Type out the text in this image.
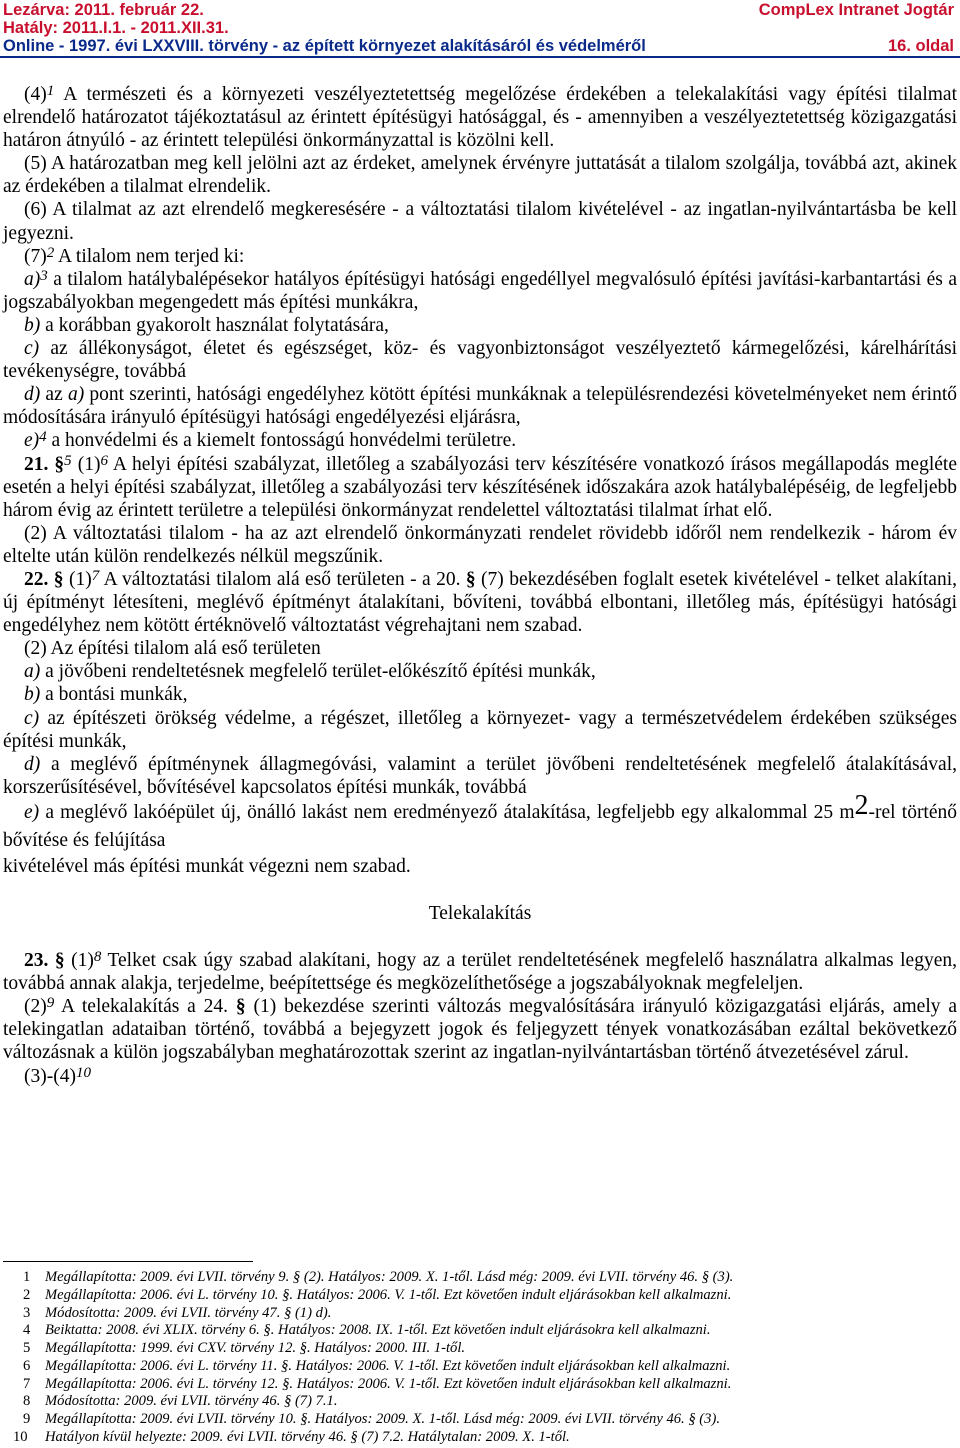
Lezárva: 2011. február 22.
Hatály: 2011.I.1. - 2011.XII.31.
Online - 1997. évi LXXVIII. törvény - az épített környezet alakításáról és védelméről
CompLex Intranet Jogtár
16. oldal

$(4)^1$ A természeti és a környezeti veszélyeztetettség megelőzése érdekében a telekalakítási vagy építési tilalmat elrendelő határozatot tájékoztatásul az érintett építésügyi hatósággal, és - amennyiben a veszélyeztetettség közigazgatási határon átnyúló - az érintett települési önkormányzattal is közölni kell.

(5) A határozatban meg kell jelölni azt az érdeket, amelynek érvényre juttatását a tilalom szolgálja, továbbá azt, akinek az érdekében a tilalmat elrendelik.

(6) A tilalmat az azt elrendelő megkeresésére - a változtatási tilalom kivételével - az ingatlan-nyilvántartásba be kell jegyezni.

$(7)^2$ A tilalom nem terjed ki:

a)$^3$ a tilalom hatálybalépésekor hatályos építésügyi hatósági engedéllyel megvalósuló építési javítási-karbantartási és a jogszabályokban megengedett más építési munkákra,

b) a korábban gyakorolt használat folytatására,

c) az állékonyságot, életet és egészséget, köz- és vagyonbiztonságot veszélyeztető kármegelőzési, kárelhárítási tevékenységre, továbbá

d) az a) pont szerinti, hatósági engedélyhez kötött építési munkáknak a településrendezési követelményeket nem érintő módosítására irányuló építésügyi hatósági engedélyezési eljárásra,

e)$^4$ a honvédelmi és a kiemelt fontosságú honvédelmi területre.

21. §$^5$ $(1)^6$ A helyi építési szabályzat, illetőleg a szabályozási terv készítésére vonatkozó írásos megállapodás megléte esetén a helyi építési szabályzat, illetőleg a szabályozási terv készítésének időszakára azok hatálybalépéséig, de legfeljebb három évig az érintett területre a települési önkormányzat rendelettel változtatási tilalmat írhat elő.

(2) A változtatási tilalom - ha az azt elrendelő önkormányzati rendelet rövidebb időről nem rendelkezik - három év eltelte után külön rendelkezés nélkül megszűnik.

22. § $(1)^7$ A változtatási tilalom alá eső területen - a 20. § (7) bekezdésében foglalt esetek kivételével - telket alakítani, új építményt létesíteni, meglévő építményt átalakítani, bővíteni, továbbá elbontani, illetőleg más, építésügyi hatósági engedélyhez nem kötött értéknövelő változtatást végrehajtani nem szabad.

(2) Az építési tilalom alá eső területen

a) a jövőbeni rendeltetésnek megfelelő terület-előkészítő építési munkák,

b) a bontási munkák,

c) az építészeti örökség védelme, a régészet, illetőleg a környezet- vagy a természetvédelem érdekében szükséges építési munkák,

d) a meglévő építménynek állagmegóvási, valamint a terület jövőbeni rendeltetésének megfelelő átalakításával, korszerűsítésével, bővítésével kapcsolatos építési munkák, továbbá

e) a meglévő lakóépület új, önálló lakást nem eredményező átalakítása, legfeljebb egy alkalommal 25 m2-rel történő bővítése és felújítása

kivételével más építési munkát végezni nem szabad.

Telekalakítás

23. § $(1)^8$ Telket csak úgy szabad alakítani, hogy az a terület rendeltetésének megfelelő használatra alkalmas legyen, továbbá annak alakja, terjedelme, beépítettsége és megközelíthetősége a jogszabályoknak megfeleljen.

$(2)^9$ A telekalakítás a 24. § (1) bekezdése szerinti változás megvalósítására irányuló közigazgatási eljárás, amely a telekingatlan adataiban történő, továbbá a bejegyzett jogok és feljegyzett tények vonatkozásában ezáltal bekövetkező változásnak a külön jogszabályban meghatározottak szerint az ingatlan-nyilvántartásban történő átvezetésével zárul.

$(3)-(4)^{10}$

1	Megállapította: 2009. évi LVII. törvény 9. § (2). Hatályos: 2009. X. 1-től. Lásd még: 2009. évi LVII. törvény 46. § (3).
2	Megállapította: 2006. évi L. törvény 10. §. Hatályos: 2006. V. 1-től. Ezt követően indult eljárásokban kell alkalmazni.
3	Módosította: 2009. évi LVII. törvény 47. § (1) d).
4	Beiktatta: 2008. évi XLIX. törvény 6. §. Hatályos: 2008. IX. 1-től. Ezt követően indult eljárásokra kell alkalmazni.
5	Megállapította: 1999. évi CXV. törvény 12. §. Hatályos: 2000. III. 1-től.
6	Megállapította: 2006. évi L. törvény 11. §. Hatályos: 2006. V. 1-től. Ezt követően indult eljárásokban kell alkalmazni.
7	Megállapította: 2006. évi L. törvény 12. §. Hatályos: 2006. V. 1-től. Ezt követően indult eljárásokban kell alkalmazni.
8	Módosította: 2009. évi LVII. törvény 46. § (7) 7.1.
9	Megállapította: 2009. évi LVII. törvény 10. §. Hatályos: 2009. X. 1-től. Lásd még: 2009. évi LVII. törvény 46. § (3).
10	Hatályon kívül helyezte: 2009. évi LVII. törvény 46. § (7) 7.2. Hatálytalan: 2009. X. 1-től.
